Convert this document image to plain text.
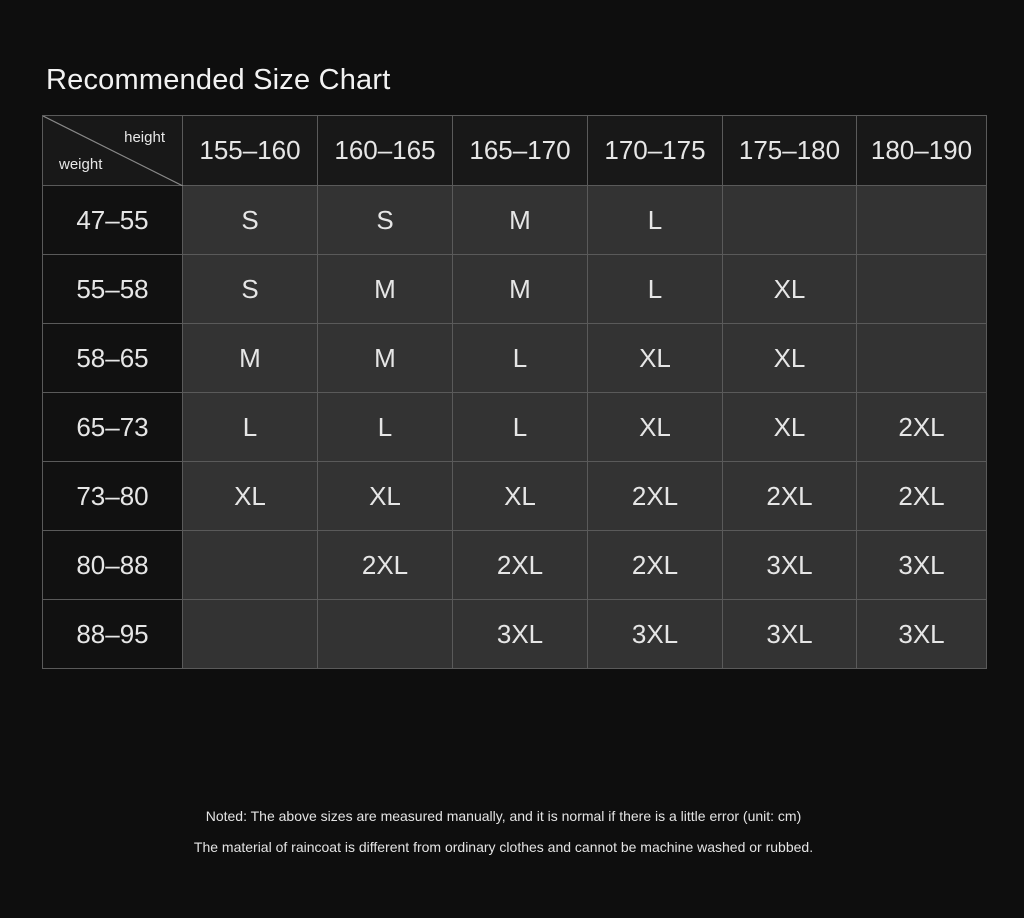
Recommended Size Chart
height
weight	155–160	160–165	165–170	170–175	175–180	180–190
47–55	S	S	M	L		
55–58	S	M	M	L	XL	
58–65	M	M	L	XL	XL	
65–73	L	L	L	XL	XL	2XL
73–80	XL	XL	XL	2XL	2XL	2XL
80–88		2XL	2XL	2XL	3XL	3XL
88–95			3XL	3XL	3XL	3XL
Noted: The above sizes are measured manually, and it is normal if there is a little error (unit: cm)
The material of raincoat is different from ordinary clothes and cannot be machine washed or rubbed.
